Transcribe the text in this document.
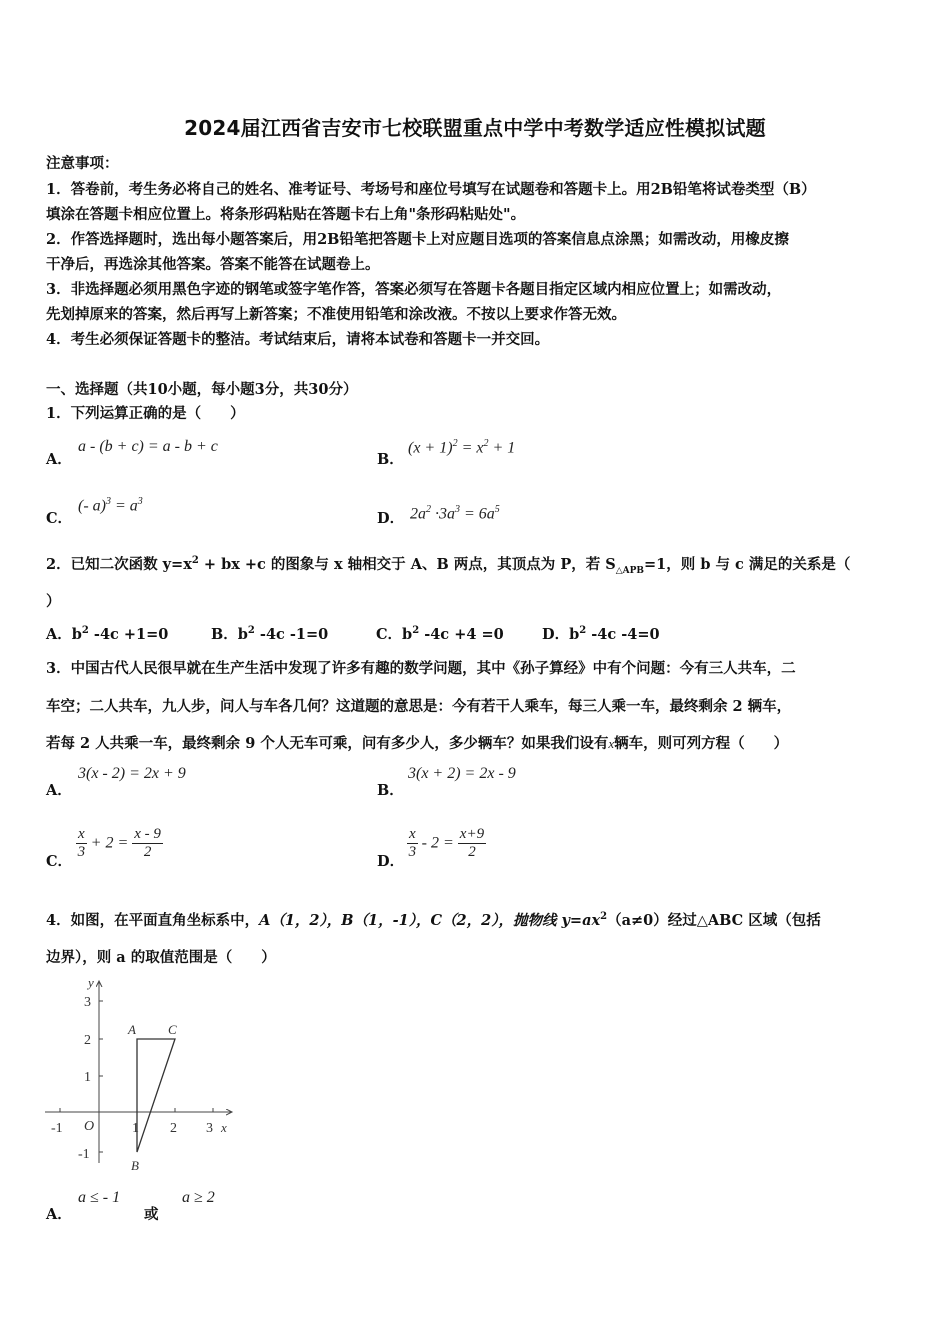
2024届江西省吉安市七校联盟重点中学中考数学适应性模拟试题
注意事项：
1．答卷前，考生务必将自己的姓名、准考证号、考场号和座位号填写在试题卷和答题卡上。用2B铅笔将试卷类型（B）
填涂在答题卡相应位置上。将条形码粘贴在答题卡右上角"条形码粘贴处"。
2．作答选择题时，选出每小题答案后，用2B铅笔把答题卡上对应题目选项的答案信息点涂黑；如需改动，用橡皮擦
干净后，再选涂其他答案。答案不能答在试题卷上。
3．非选择题必须用黑色字迹的钢笔或签字笔作答，答案必须写在答题卡各题目指定区域内相应位置上；如需改动，
先划掉原来的答案，然后再写上新答案；不准使用铅笔和涂改液。不按以上要求作答无效。
4．考生必须保证答题卡的整洁。考试结束后，请将本试卷和答题卡一并交回。
一、选择题（共10小题，每小题3分，共30分）
1．下列运算正确的是（　　）
A．
a - (b + c) = a - b + c
B．
$(x + 1)^2 = x^2 + 1$
C．
(- $a)^3 = a^3$
D． $2a^2 \cdot 3a^3 = 6a^5$
2．已知二次函数 $y=x^2$ + bx +c 的图象与 x 轴相交于 A、B 两点，其顶点为 P，若 $S_{\triangle APB}=1$，则 b 与 c 满足的关系是（
）
A．$b^2$ -4c +1=0	B．$b^2$ -4c -1=0	C．$b^2$ -4c +4 =0	D．$b^2$ -4c -4=0
3．中国古代人民很早就在生产生活中发现了许多有趣的数学问题，其中《孙子算经》中有个问题：今有三人共车，二
车空；二人共车，九人步，问人与车各几何？这道题的意思是：今有若干人乘车，每三人乘一车，最终剩余 2 辆车，
若每 2 人共乘一车，最终剩余 9 个人无车可乘，问有多少人，多少辆车？如果我们设有x辆车，则可列方程（　　）
A．
3(x - 2) = 2x + 9
B．
3(x + 2) = 2x - 9
C．
$\frac{x}{3} + 2 = \frac{x - 9}{2}$
D．
$\frac{x}{3} - 2 = \frac{x+9}{2}$
4．如图，在平面直角坐标系中，A（1，2），B（1，-1），C（2，2），抛物线 $y=ax^2(a\ne 0)$经过△ABC 区域（包括
边界），则 a 的取值范围是（　　）
-1	1 2 3
3
2
1
-1
O	x
y
A C
B
A．
a ≤ - 1
或
a ≥ 2
